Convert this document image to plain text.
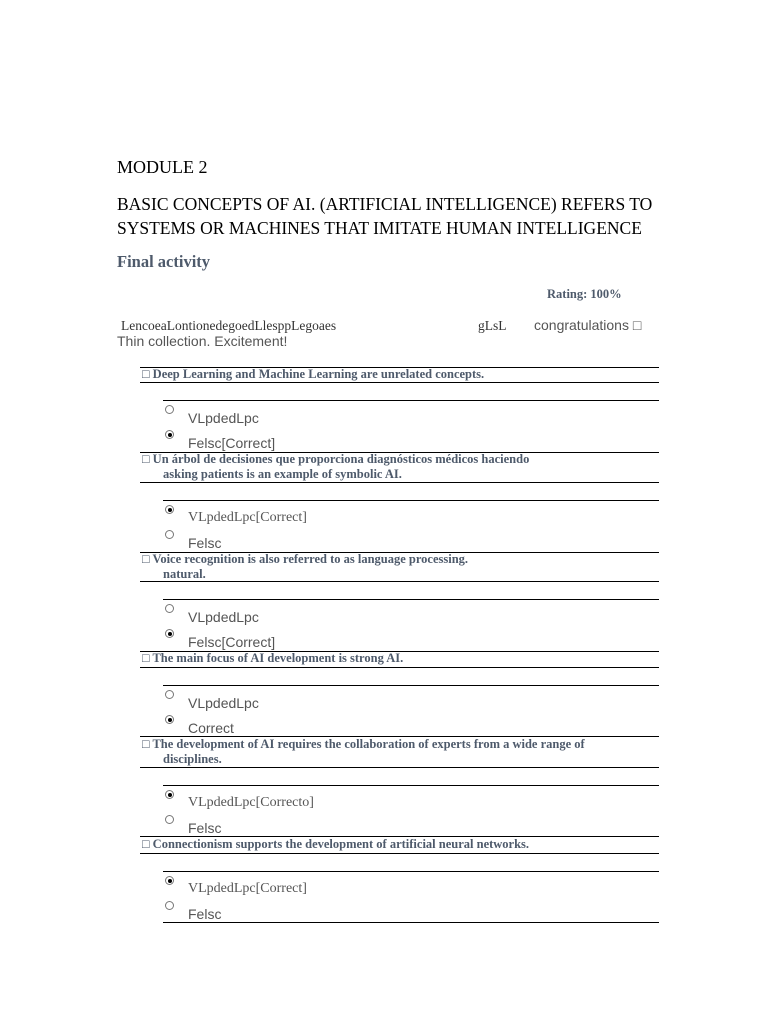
MODULE 2
BASIC CONCEPTS OF AI. (ARTIFICIAL INTELLIGENCE) REFERS TO SYSTEMS OR MACHINES THAT IMITATE HUMAN INTELLIGENCE
Final activity
Rating: 100%
LencoeaLontionedegoedLlesppLegoaes	gLsL congratulations □
Thin collection. Excitement!
□ Deep Learning and Machine Learning are unrelated concepts.
VLpdedLpc
Felsc[Correct]
□ Un árbol de decisiones que proporciona diagnósticos médicos haciendo
asking patients is an example of symbolic AI.
VLpdedLpc[Correct]
Felsc
□ Voice recognition is also referred to as language processing.
natural.
VLpdedLpc
Felsc[Correct]
□ The main focus of AI development is strong AI.
VLpdedLpc
Correct
□ The development of AI requires the collaboration of experts from a wide range of
disciplines.
VLpdedLpc[Correcto]
Felsc
□ Connectionism supports the development of artificial neural networks.
VLpdedLpc[Correct]
Felsc
